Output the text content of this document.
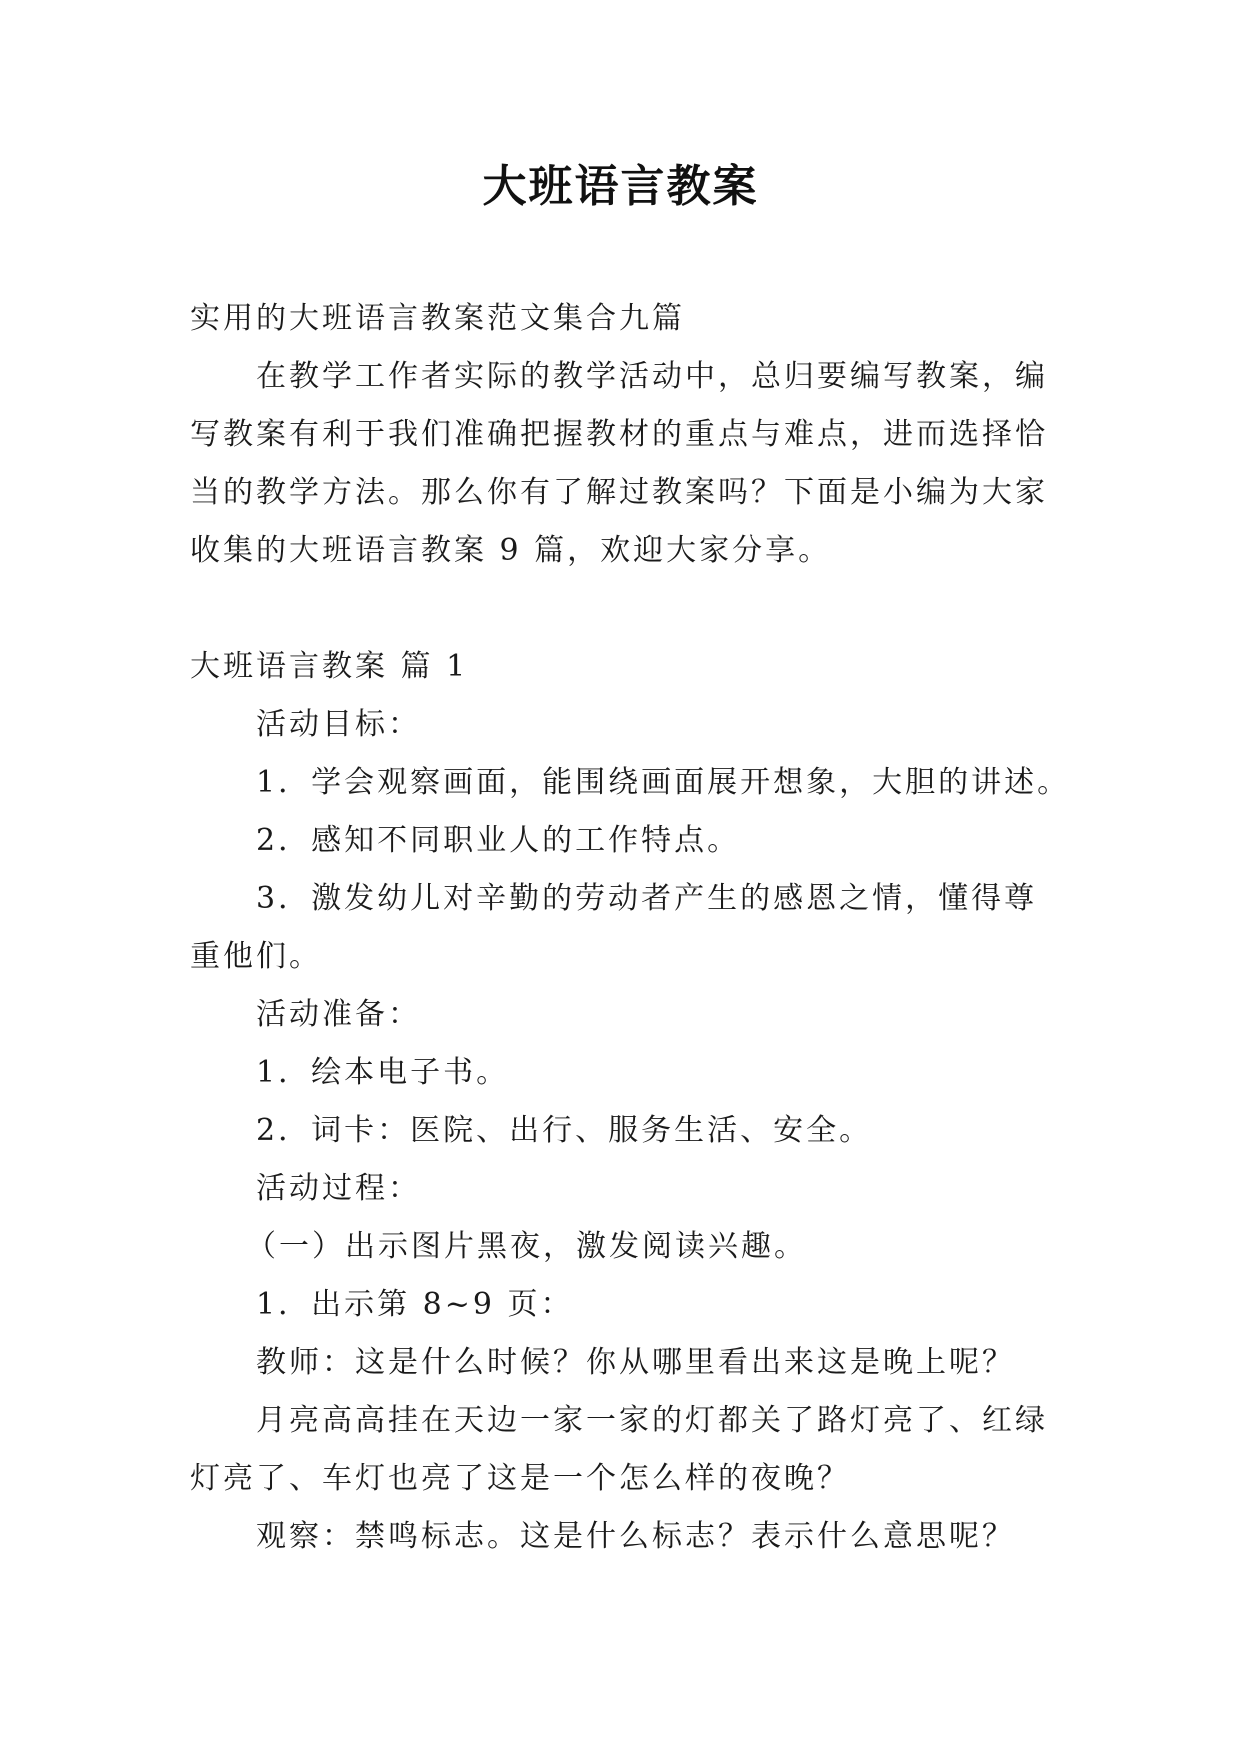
大班语言教案

实用的大班语言教案范文集合九篇

在教学工作者实际的教学活动中，总归要编写教案，编

写教案有利于我们准确把握教材的重点与难点，进而选择恰

当的教学方法。那么你有了解过教案吗？下面是小编为大家

收集的大班语言教案 9 篇，欢迎大家分享。

大班语言教案 篇 1

活动目标：

1．学会观察画面，能围绕画面展开想象，大胆的讲述。

2．感知不同职业人的工作特点。

3．激发幼儿对辛勤的劳动者产生的感恩之情，懂得尊

重他们。

活动准备：

1．绘本电子书。

2．词卡：医院、出行、服务生活、安全。

活动过程：

（一）出示图片黑夜，激发阅读兴趣。

1．出示第 8~9 页：

教师：这是什么时候？你从哪里看出来这是晚上呢？

月亮高高挂在天边一家一家的灯都关了路灯亮了、红绿

灯亮了、车灯也亮了这是一个怎么样的夜晚？

观察：禁鸣标志。这是什么标志？表示什么意思呢？
